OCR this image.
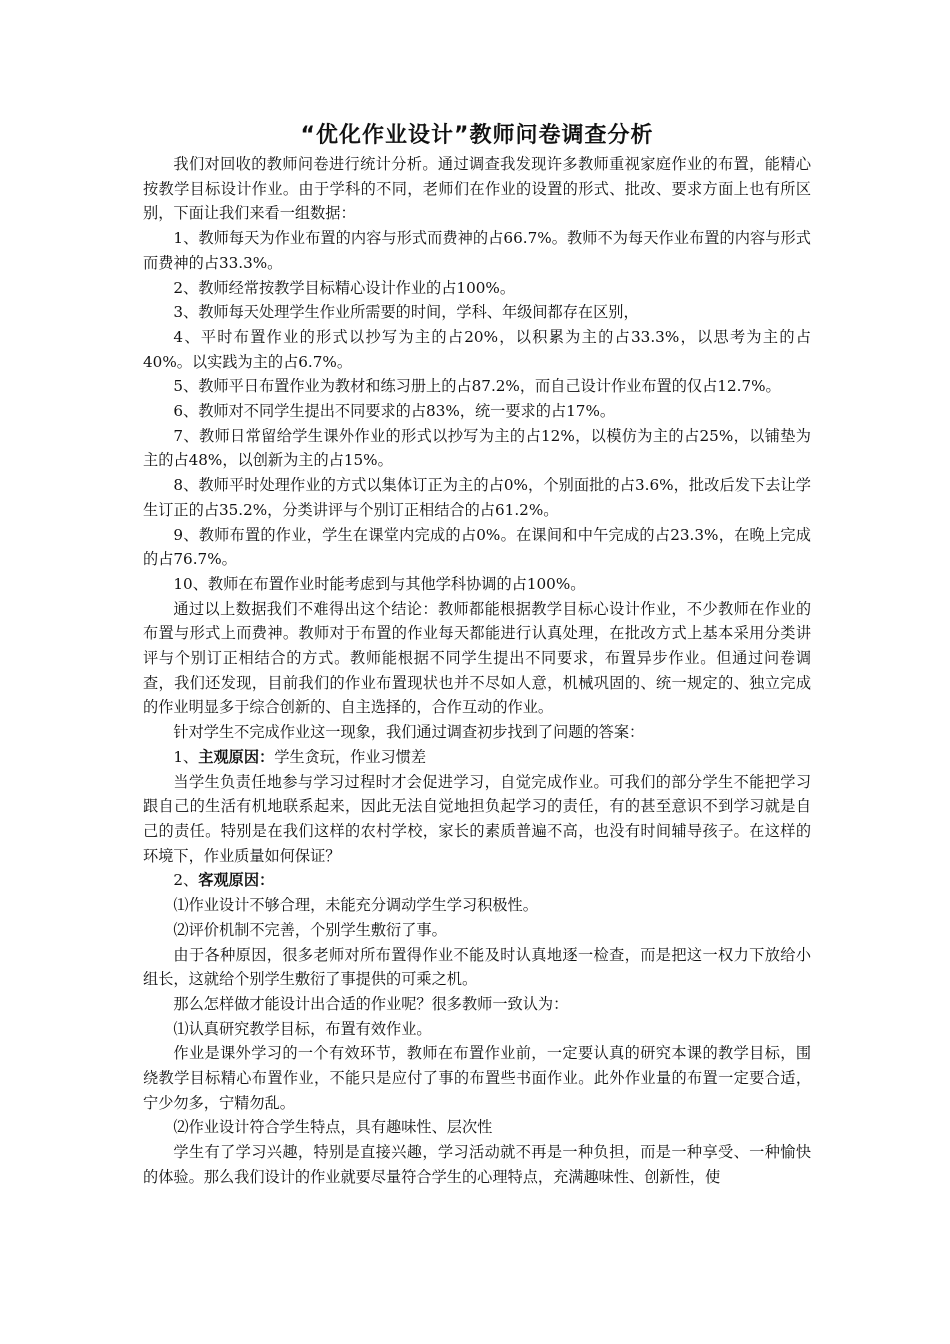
“优化作业设计”教师问卷调查分析

我们对回收的教师问卷进行统计分析。通过调查我发现许多教师重视家庭作业的布置，能精心按教学目标设计作业。由于学科的不同，老师们在作业的设置的形式、批改、要求方面上也有所区别，下面让我们来看一组数据：

1、教师每天为作业布置的内容与形式而费神的占66.7%。教师不为每天作业布置的内容与形式而费神的占33.3%。

2、教师经常按教学目标精心设计作业的占100%。

3、教师每天处理学生作业所需要的时间，学科、年级间都存在区别，

4、平时布置作业的形式以抄写为主的占20%，以积累为主的占33.3%，以思考为主的占40%。以实践为主的占6.7%。

5、教师平日布置作业为教材和练习册上的占87.2%，而自己设计作业布置的仅占12.7%。

6、教师对不同学生提出不同要求的占83%，统一要求的占17%。

7、教师日常留给学生课外作业的形式以抄写为主的占12%，以模仿为主的占25%，以铺垫为主的占48%，以创新为主的占15%。

8、教师平时处理作业的方式以集体订正为主的占0%，个别面批的占3.6%，批改后发下去让学生订正的占35.2%，分类讲评与个别订正相结合的占61.2%。

9、教师布置的作业，学生在课堂内完成的占0%。在课间和中午完成的占23.3%，在晚上完成的占76.7%。

10、教师在布置作业时能考虑到与其他学科协调的占100%。

通过以上数据我们不难得出这个结论：教师都能根据教学目标心设计作业，不少教师在作业的布置与形式上而费神。教师对于布置的作业每天都能进行认真处理，在批改方式上基本采用分类讲评与个别订正相结合的方式。教师能根据不同学生提出不同要求，布置异步作业。但通过问卷调查，我们还发现，目前我们的作业布置现状也并不尽如人意，机械巩固的、统一规定的、独立完成的作业明显多于综合创新的、自主选择的，合作互动的作业。

针对学生不完成作业这一现象，我们通过调查初步找到了问题的答案：

1、主观原因：学生贪玩，作业习惯差

当学生负责任地参与学习过程时才会促进学习，自觉完成作业。可我们的部分学生不能把学习跟自己的生活有机地联系起来，因此无法自觉地担负起学习的责任，有的甚至意识不到学习就是自己的责任。特别是在我们这样的农村学校，家长的素质普遍不高，也没有时间辅导孩子。在这样的环境下，作业质量如何保证？

2、客观原因：

⑴作业设计不够合理，未能充分调动学生学习积极性。

⑵评价机制不完善，个别学生敷衍了事。

由于各种原因，很多老师对所布置得作业不能及时认真地逐一检查，而是把这一权力下放给小组长，这就给个别学生敷衍了事提供的可乘之机。

那么怎样做才能设计出合适的作业呢？很多教师一致认为：

⑴认真研究教学目标，布置有效作业。

作业是课外学习的一个有效环节，教师在布置作业前，一定要认真的研究本课的教学目标，围绕教学目标精心布置作业，不能只是应付了事的布置些书面作业。此外作业量的布置一定要合适，宁少勿多，宁精勿乱。

⑵作业设计符合学生特点，具有趣味性、层次性

学生有了学习兴趣，特别是直接兴趣，学习活动就不再是一种负担，而是一种享受、一种愉快的体验。那么我们设计的作业就要尽量符合学生的心理特点，充满趣味性、创新性，使
